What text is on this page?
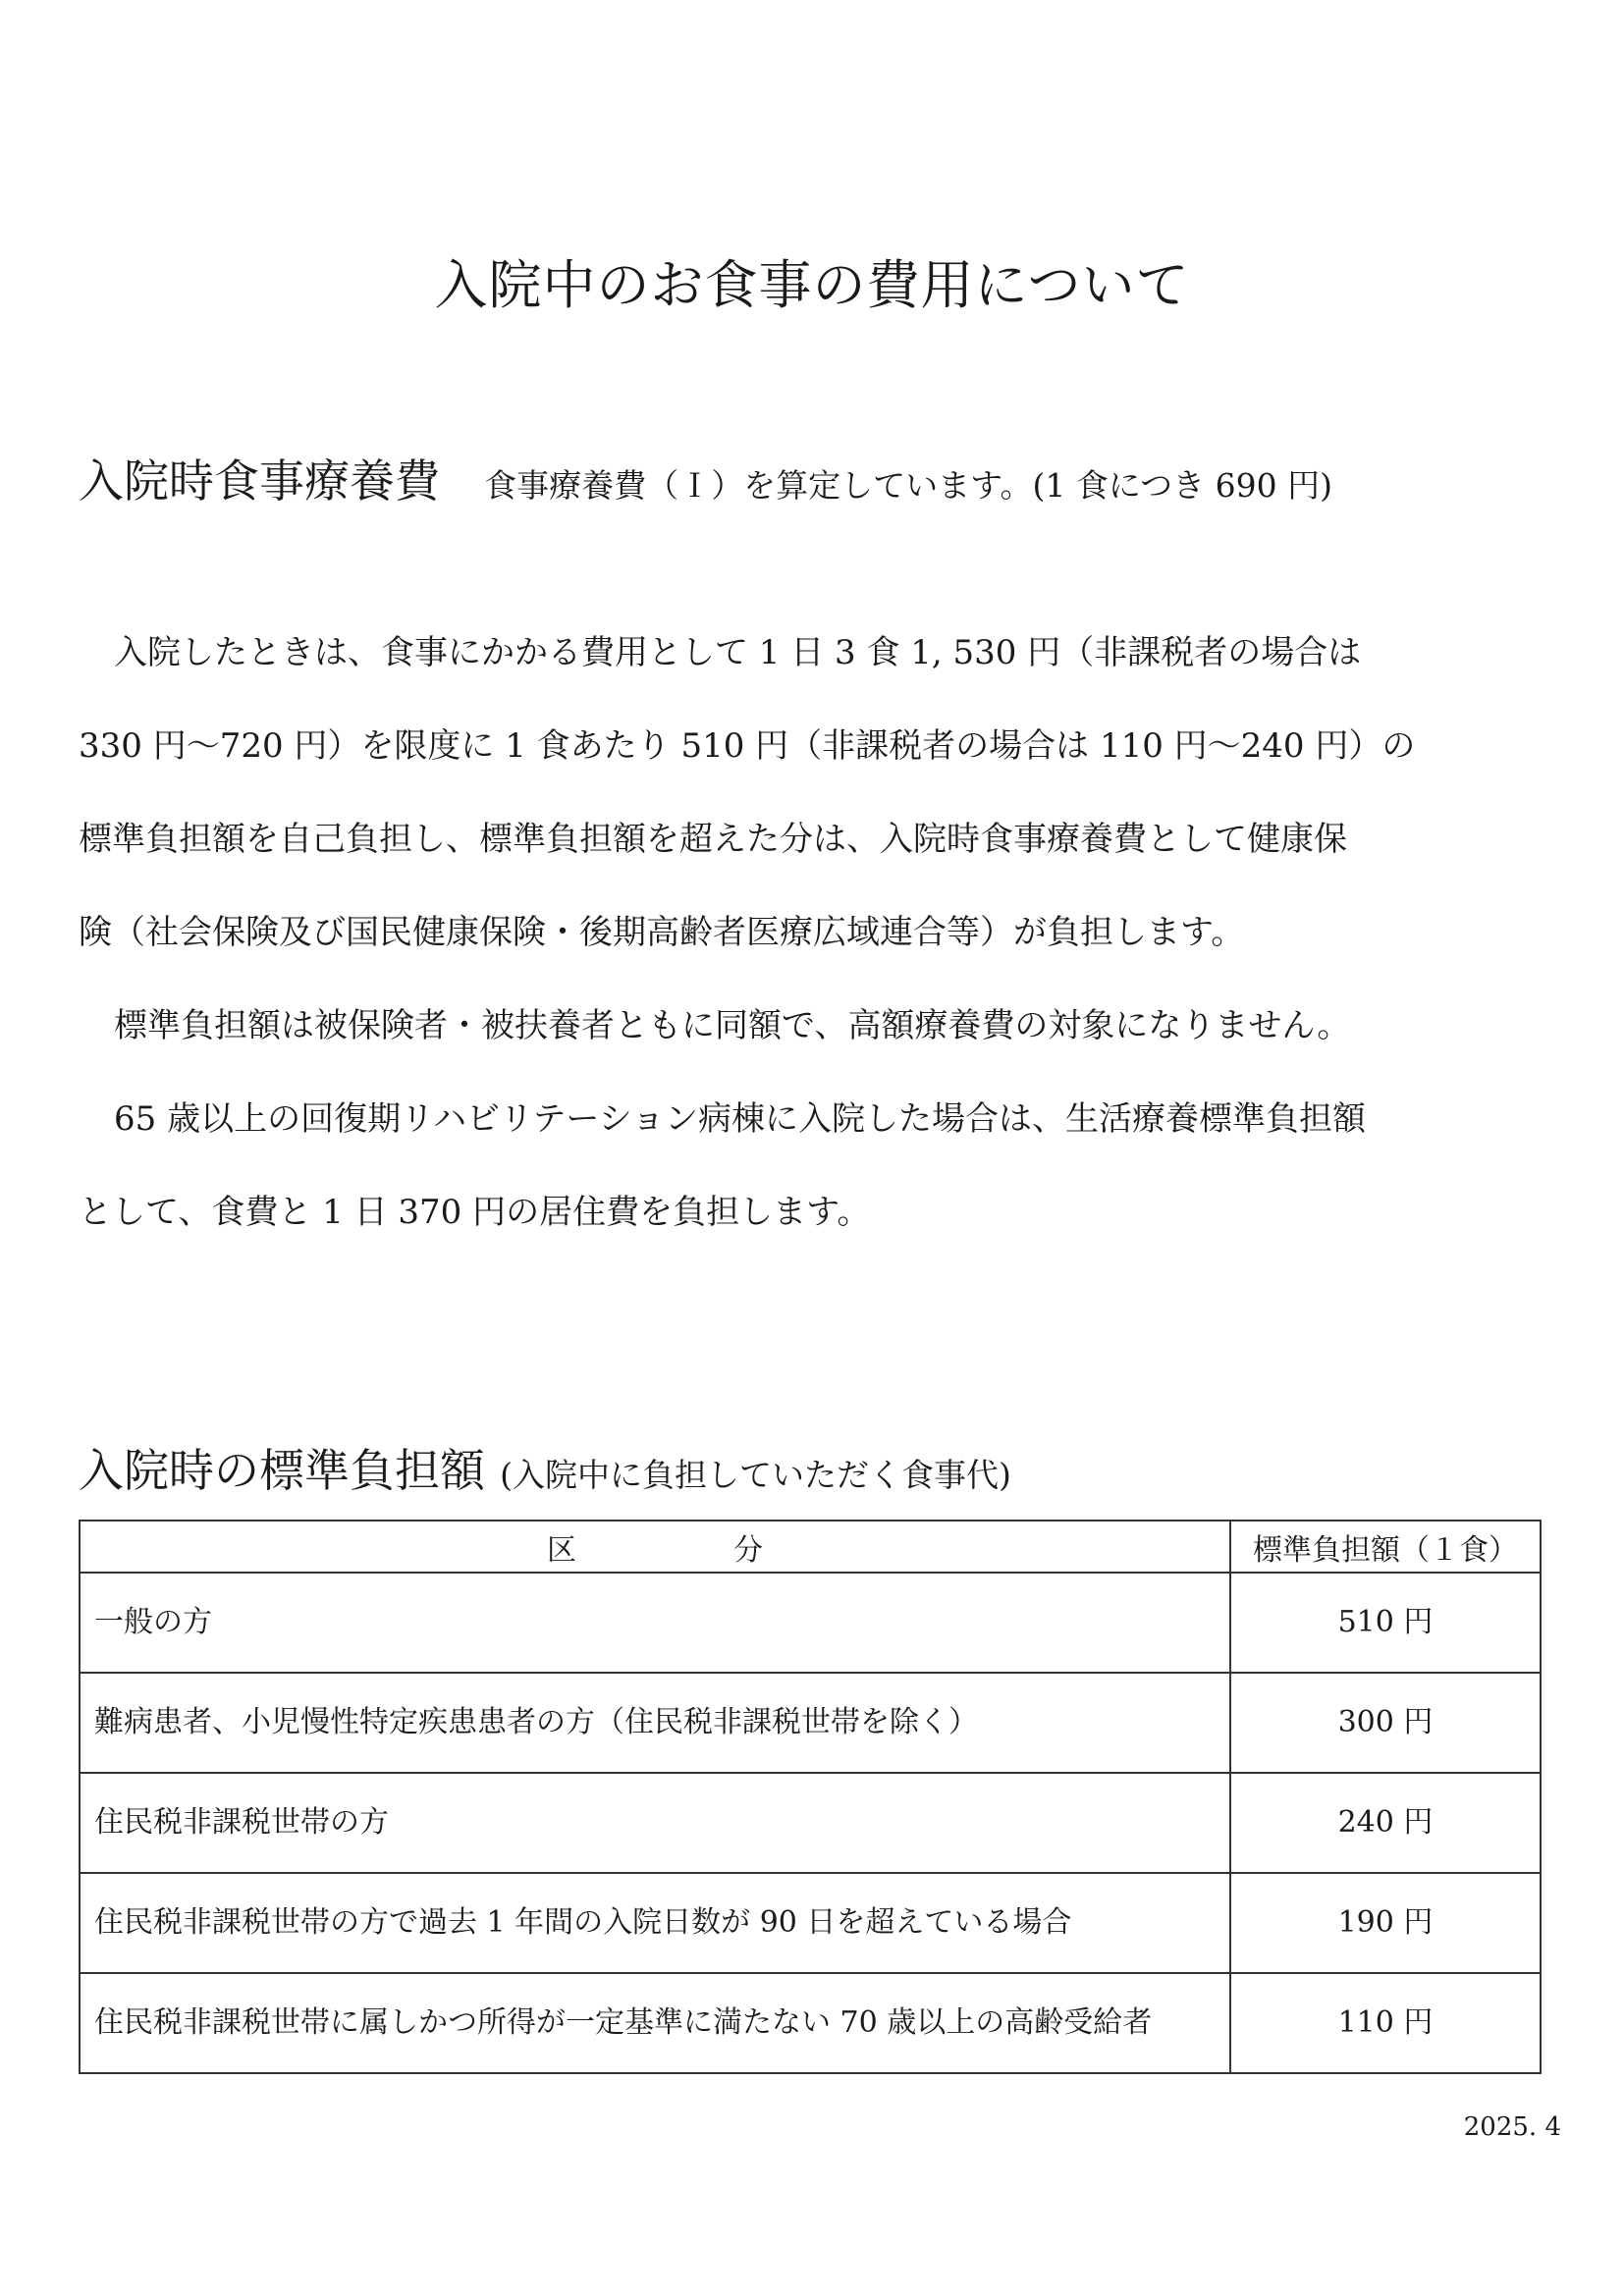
入院中のお食事の費用について
入院時食事療養費 食事療養費（Ｉ）を算定しています。(1 食につき 690 円)
入院したときは、食事にかかる費用として 1 日 3 食 1, 530 円（非課税者の場合は
330 円～720 円）を限度に 1 食あたり 510 円（非課税者の場合は 110 円～240 円）の
標準負担額を自己負担し、標準負担額を超えた分は、入院時食事療養費として健康保
険（社会保険及び国民健康保険・後期高齢者医療広域連合等）が負担します。
標準負担額は被保険者・被扶養者ともに同額で、高額療養費の対象になりません。
65 歳以上の回復期リハビリテーション病棟に入院した場合は、生活療養標準負担額
として、食費と 1 日 370 円の居住費を負担します。
入院時の標準負担額 (入院中に負担していただく食事代)
区分	標準負担額（１食）
一般の方	510 円
難病患者、小児慢性特定疾患患者の方（住民税非課税世帯を除く）	300 円
住民税非課税世帯の方	240 円
住民税非課税世帯の方で過去 1 年間の入院日数が 90 日を超えている場合	190 円
住民税非課税世帯に属しかつ所得が一定基準に満たない 70 歳以上の高齢受給者	110 円
2025. 4
